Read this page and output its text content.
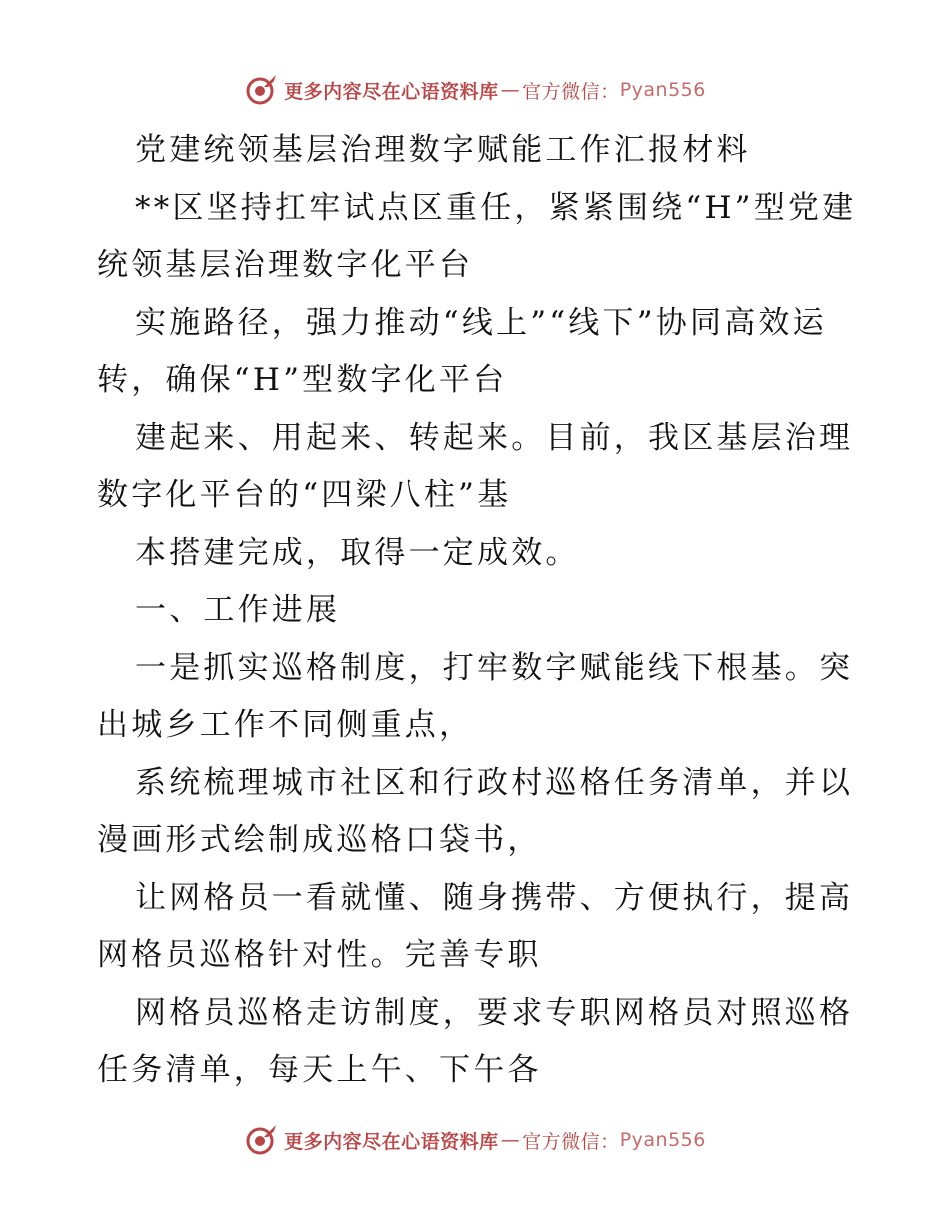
更多内容尽在心语资料库 — 官方微信： Pyan556

党建统领基层治理数字赋能工作汇报材料

**区坚持扛牢试点区重任，紧紧围绕“H”型党建统领基层治理数字化平台

实施路径，强力推动“线上”“线下”协同高效运转，确保“H”型数字化平台

建起来、用起来、转起来。目前，我区基层治理数字化平台的“四梁八柱”基

本搭建完成，取得一定成效。

一、工作进展

一是抓实巡格制度，打牢数字赋能线下根基。突出城乡工作不同侧重点，

系统梳理城市社区和行政村巡格任务清单，并以漫画形式绘制成巡格口袋书，

让网格员一看就懂、随身携带、方便执行，提高网格员巡格针对性。完善专职

网格员巡格走访制度，要求专职网格员对照巡格任务清单，每天上午、下午各

更多内容尽在心语资料库 — 官方微信： Pyan556
